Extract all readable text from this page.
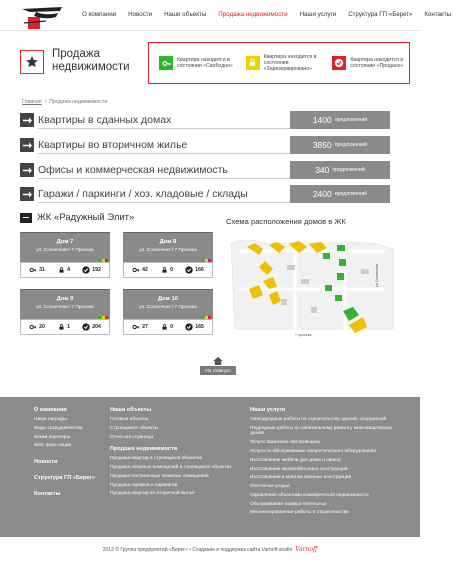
О компании	Новости	Наши объекты	Продажа недвижимости	Наши услуги	Структура ГП «Берег»	Контакты
Продажа недвижимости
Квартира находится в состоянии «Свободно»
Квартира находится в состоянии «Зарезервировано»
Квартира находится в состоянии «Продано»
Главная / Продажа недвижимости
Квартиры в сданных домах	1400 предложений
Квартиры во вторичном жилье	3850 предложений
Офисы и коммерческая недвижимость	340 предложений
Гаражи / паркинги / хоз. кладовые / склады	2400 предложений
ЖК «Радужный Элит»
Дом 7
ул. Солнечная / 7 Просека
31	4	192
Дом 8
ул. Солнечная / 7 Просека
42	0	166
Дом 9
ул. Солнечная / 7 Просека
20	1	204
Дом 10
ул. Солнечная / 7 Просека
27	0	165
Схема расположения домов в ЖК
ул.Солнечная
7 просека
На главную
О компании
Наши награды
Виды сотрудничества
Банки партнеры
Web трансляции
Новости
Структура ГП «Берег»
Контакты
Наши объекты
Готовые объекты
Строящиеся объекты
Отчетная страница
Продажа недвижимости
Продажа квартир в строящихся объектах
Продажа нежилых помещений в строящихся объектах
Продажа построенных нежилых помещений
Продажа гаражей и паркингов
Продажа квартир во вторичной жилье
Наши услуги
Генподрядные работы по строительству зданий, сооружений
Подрядные работы по капитальному ремонту многоквартирных домов
Услуги Заказчика-Застройщика
Услуги по обслуживанию энергетического оборудования
Изготовление мебели для дома и офиса
Изготовление железобетонных конструкций
Изготовление и монтаж оконных конструкций
Охотничьи угодья
Управление объектами коммерческой недвижимости
Обслуживание газовых котельных
Механизированные работы в строительстве
2013 © Группа предприятий «Берег» • Создание и поддержка сайта Varnoff-studio Varnoff
